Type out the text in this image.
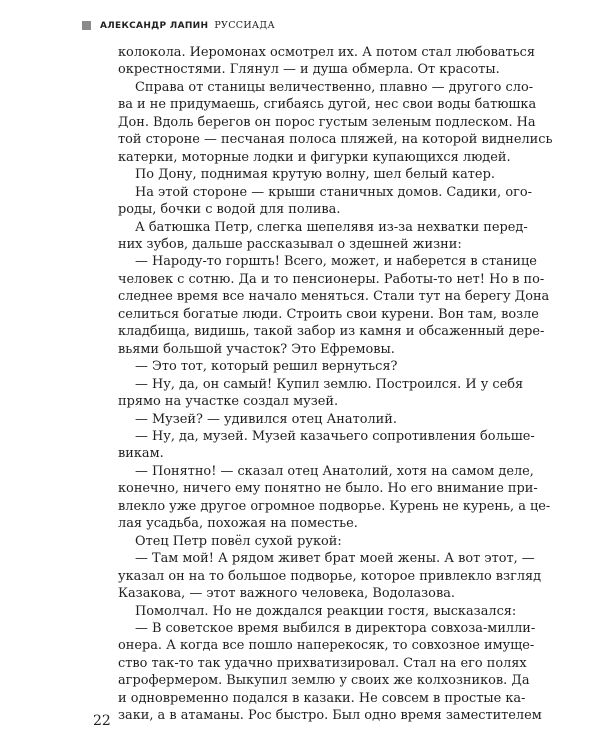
АЛЕКСАНДР ЛАПИН РУССИАДА
колокола. Иеромонах осмотрел их. А потом стал любоваться
окрестностями. Глянул — и душа обмерла. От красоты.
Справа от станицы величественно, плавно — другого сло-
ва и не придумаешь, сгибаясь дугой, нес свои воды батюшка
Дон. Вдоль берегов он порос густым зеленым подлеском. На
той стороне — песчаная полоса пляжей, на которой виднелись
катерки, моторные лодки и фигурки купающихся людей.
По Дону, поднимая крутую волну, шел белый катер.
На этой стороне — крыши станичных домов. Садики, ого-
роды, бочки с водой для полива.
А батюшка Петр, слегка шепелявя из-за нехватки перед-
них зубов, дальше рассказывал о здешней жизни:
— Народу-то горшть! Всего, может, и наберется в станице
человек с сотню. Да и то пенсионеры. Работы-то нет! Но в по-
следнее время все начало меняться. Стали тут на берегу Дона
селиться богатые люди. Строить свои курени. Вон там, возле
кладбища, видишь, такой забор из камня и обсаженный дере-
вьями большой участок? Это Ефремовы.
— Это тот, который решил вернуться?
— Ну, да, он самый! Купил землю. Построился. И у себя
прямо на участке создал музей.
— Музей? — удивился отец Анатолий.
— Ну, да, музей. Музей казачьего сопротивления больше-
викам.
— Понятно! — сказал отец Анатолий, хотя на самом деле,
конечно, ничего ему понятно не было. Но его внимание при-
влекло уже другое огромное подворье. Курень не курень, а це-
лая усадьба, похожая на поместье.
Отец Петр повёл сухой рукой:
— Там мой! А рядом живет брат моей жены. А вот этот, —
указал он на то большое подворье, которое привлекло взгляд
Казакова, — этот важного человека, Водолазова.
Помолчал. Но не дождался реакции гостя, высказался:
— В советское время выбился в директора совхоза-милли-
онера. А когда все пошло наперекосяк, то совхозное имуще-
ство так-то так удачно прихватизировал. Стал на его полях
агрофермером. Выкупил землю у своих же колхозников. Да
и одновременно подался в казаки. Не совсем в простые ка-
заки, а в атаманы. Рос быстро. Был одно время заместителем
22
